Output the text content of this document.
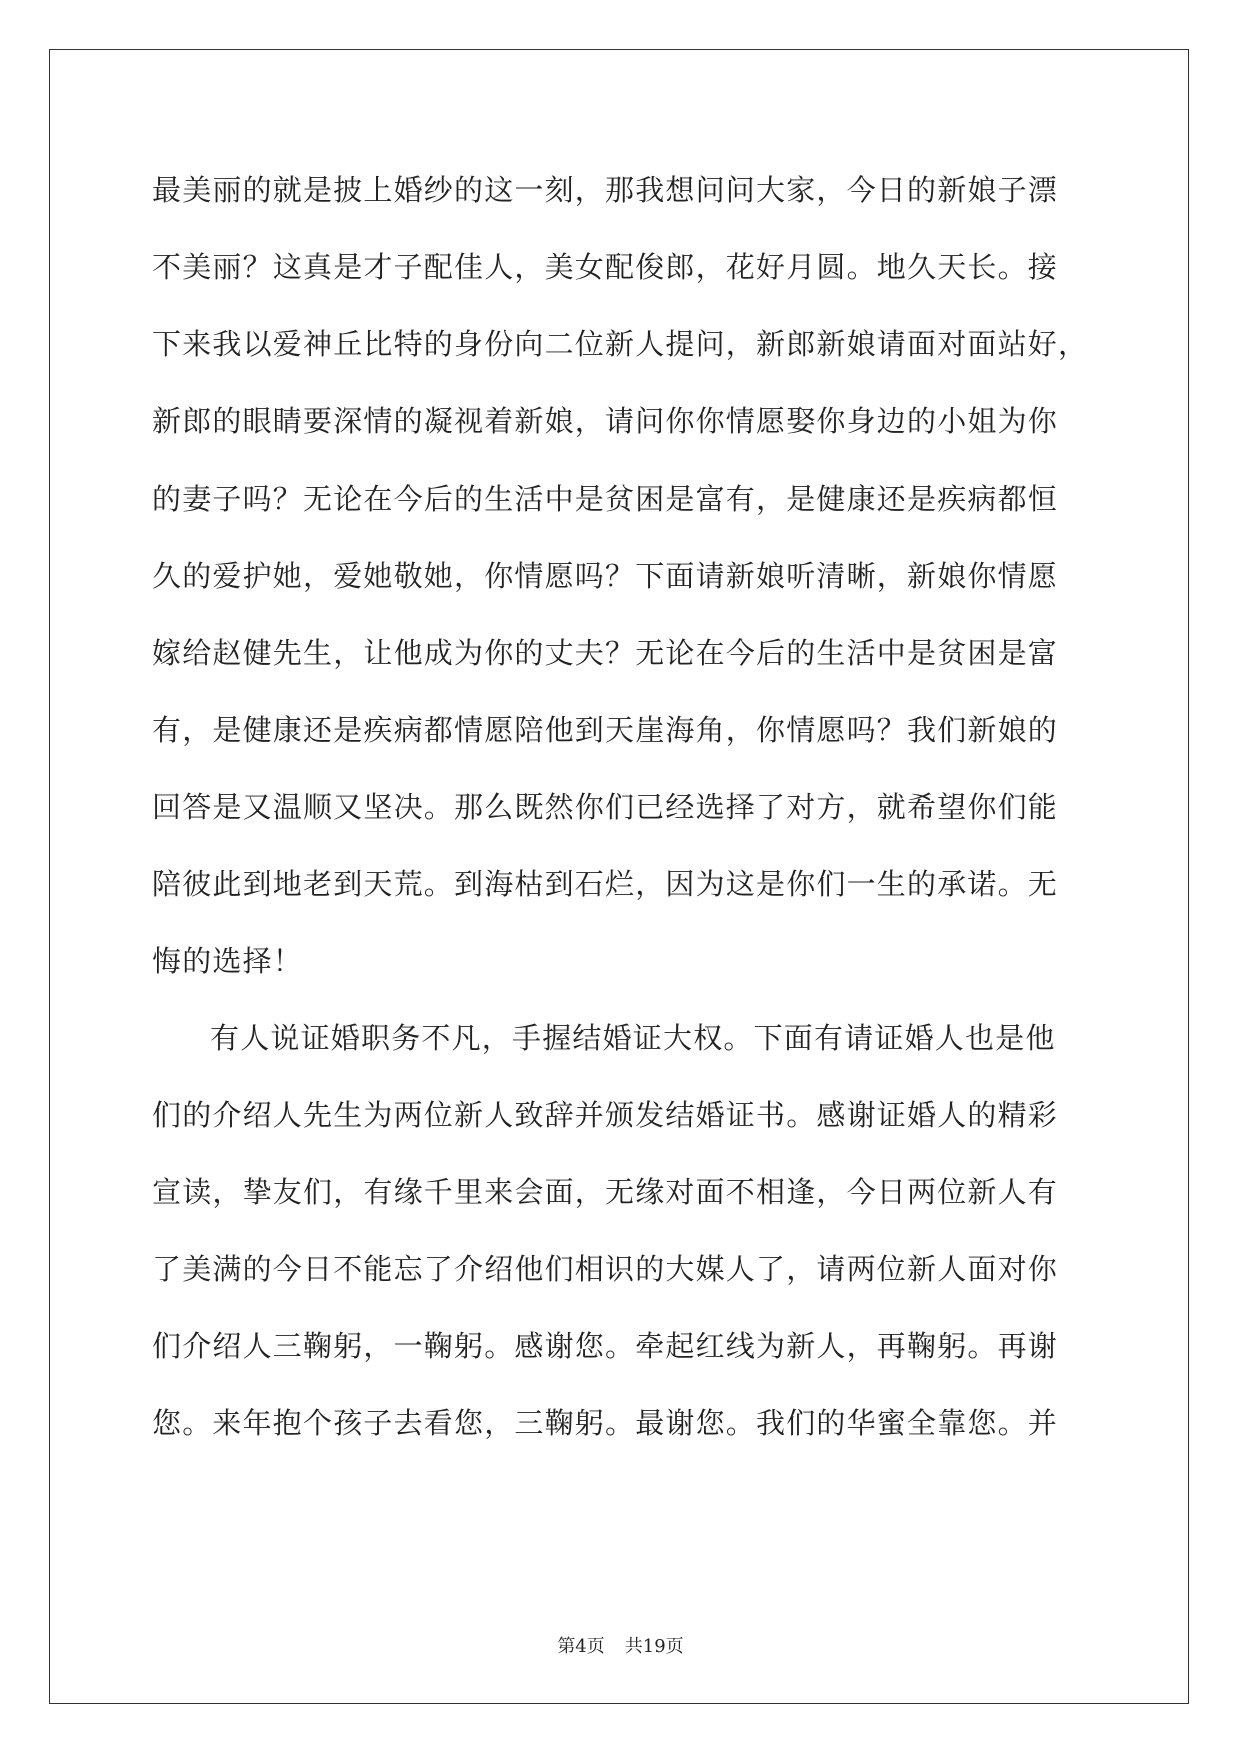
最美丽的就是披上婚纱的这一刻，那我想问问大家，今日的新娘子漂
不美丽？这真是才子配佳人，美女配俊郎，花好月圆。地久天长。接
下来我以爱神丘比特的身份向二位新人提问，新郎新娘请面对面站好，
新郎的眼睛要深情的凝视着新娘，请问你你情愿娶你身边的小姐为你
的妻子吗？无论在今后的生活中是贫困是富有，是健康还是疾病都恒
久的爱护她，爱她敬她，你情愿吗？下面请新娘听清晰，新娘你情愿
嫁给赵健先生，让他成为你的丈夫？无论在今后的生活中是贫困是富
有，是健康还是疾病都情愿陪他到天崖海角，你情愿吗？我们新娘的
回答是又温顺又坚决。那么既然你们已经选择了对方，就希望你们能
陪彼此到地老到天荒。到海枯到石烂，因为这是你们一生的承诺。无
悔的选择！
有人说证婚职务不凡，手握结婚证大权。下面有请证婚人也是他
们的介绍人先生为两位新人致辞并颁发结婚证书。感谢证婚人的精彩
宣读，挚友们，有缘千里来会面，无缘对面不相逢，今日两位新人有
了美满的今日不能忘了介绍他们相识的大媒人了，请两位新人面对你
们介绍人三鞠躬，一鞠躬。感谢您。牵起红线为新人，再鞠躬。再谢
您。来年抱个孩子去看您，三鞠躬。最谢您。我们的华蜜全靠您。并
第4页 共19页
